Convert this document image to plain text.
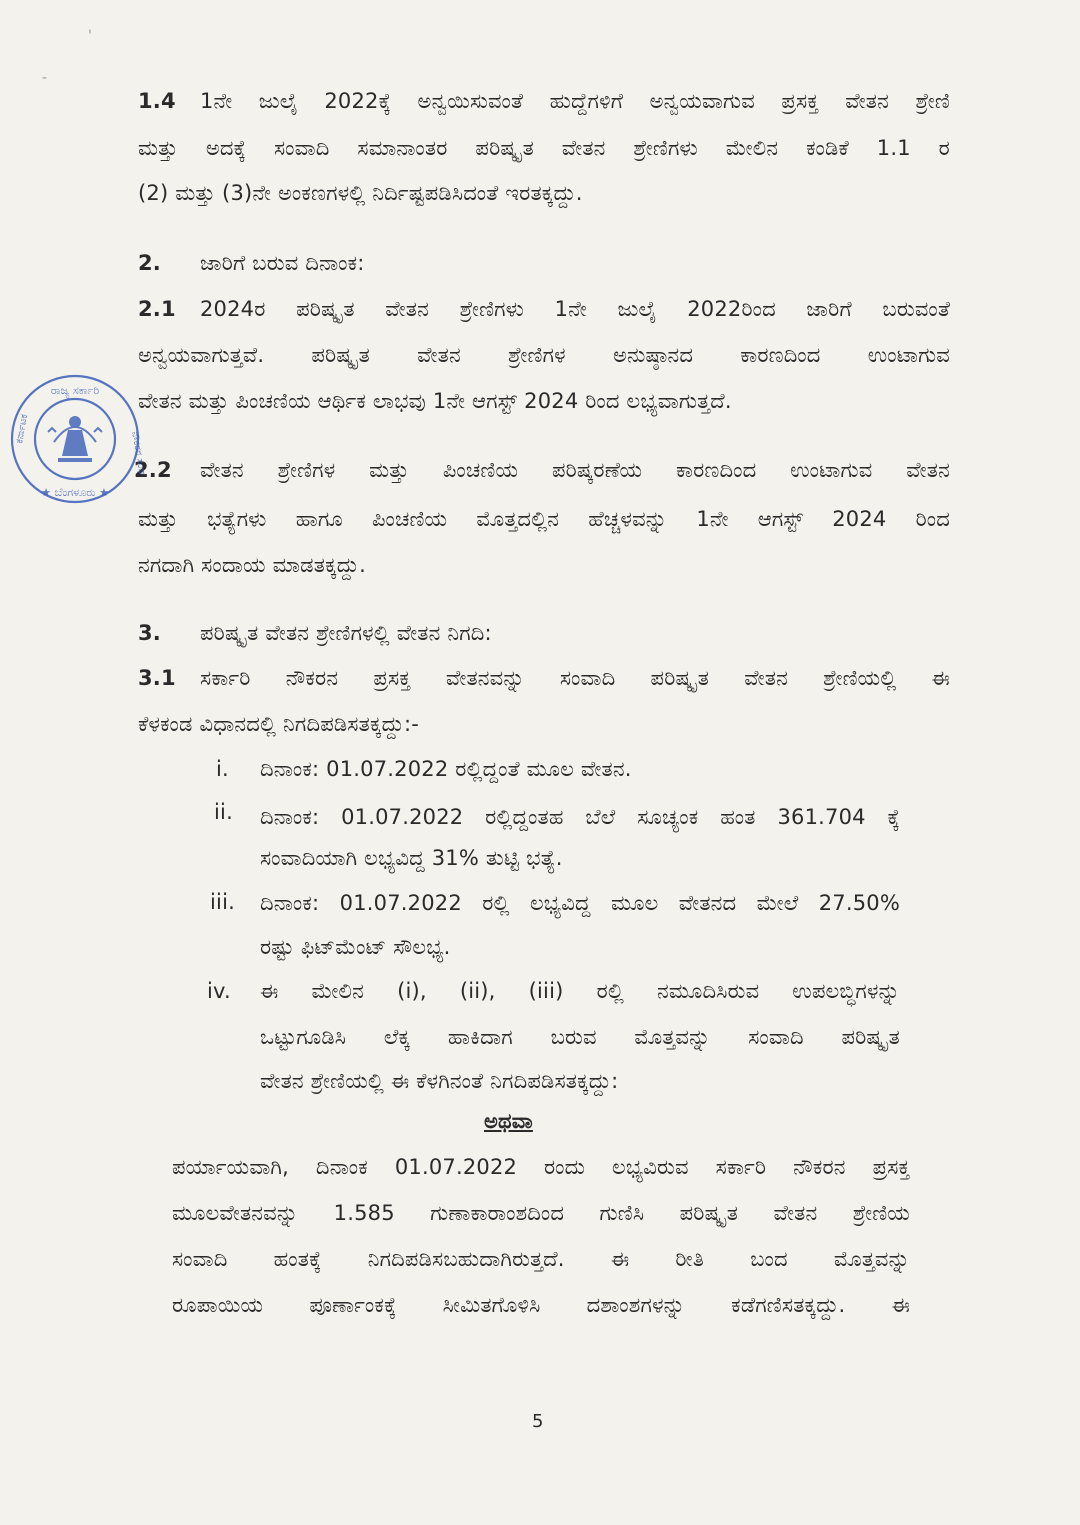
'
-
1.4 1ನೇ ಜುಲೈ 2022ಕ್ಕೆ ಅನ್ವಯಿಸುವಂತೆ ಹುದ್ದೆಗಳಿಗೆ ಅನ್ವಯವಾಗುವ ಪ್ರಸಕ್ತ ವೇತನ ಶ್ರೇಣಿ
ಮತ್ತು ಅದಕ್ಕೆ ಸಂವಾದಿ ಸಮಾನಾಂತರ ಪರಿಷ್ಕೃತ ವೇತನ ಶ್ರೇಣಿಗಳು ಮೇಲಿನ ಕಂಡಿಕೆ 1.1 ರ
(2) ಮತ್ತು (3)ನೇ ಅಂಕಣಗಳಲ್ಲಿ ನಿರ್ದಿಷ್ಟಪಡಿಸಿದಂತೆ ಇರತಕ್ಕದ್ದು.
2. ಜಾರಿಗೆ ಬರುವ ದಿನಾಂಕ:
2.1 2024ರ ಪರಿಷ್ಕೃತ ವೇತನ ಶ್ರೇಣಿಗಳು 1ನೇ ಜುಲೈ 2022ರಿಂದ ಜಾರಿಗೆ ಬರುವಂತೆ
ಅನ್ವಯವಾಗುತ್ತವೆ. ಪರಿಷ್ಕೃತ ವೇತನ ಶ್ರೇಣಿಗಳ ಅನುಷ್ಠಾನದ ಕಾರಣದಿಂದ ಉಂಟಾಗುವ
ವೇತನ ಮತ್ತು ಪಿಂಚಣಿಯ ಆರ್ಥಿಕ ಲಾಭವು 1ನೇ ಆಗಸ್ಟ್ 2024 ರಿಂದ ಲಭ್ಯವಾಗುತ್ತದೆ.
2.2 ವೇತನ ಶ್ರೇಣಿಗಳ ಮತ್ತು ಪಿಂಚಣಿಯ ಪರಿಷ್ಕರಣೆಯ ಕಾರಣದಿಂದ ಉಂಟಾಗುವ ವೇತನ
ಮತ್ತು ಭತ್ಯೆಗಳು ಹಾಗೂ ಪಿಂಚಣಿಯ ಮೊತ್ತದಲ್ಲಿನ ಹೆಚ್ಚಳವನ್ನು 1ನೇ ಆಗಸ್ಟ್ 2024 ರಿಂದ
ನಗದಾಗಿ ಸಂದಾಯ ಮಾಡತಕ್ಕದ್ದು.
3. ಪರಿಷ್ಕೃತ ವೇತನ ಶ್ರೇಣಿಗಳಲ್ಲಿ ವೇತನ ನಿಗದಿ:
3.1 ಸರ್ಕಾರಿ ನೌಕರನ ಪ್ರಸಕ್ತ ವೇತನವನ್ನು ಸಂವಾದಿ ಪರಿಷ್ಕೃತ ವೇತನ ಶ್ರೇಣಿಯಲ್ಲಿ ಈ
ಕೆಳಕಂಡ ವಿಧಾನದಲ್ಲಿ ನಿಗದಿಪಡಿಸತಕ್ಕದ್ದು:-
i. ದಿನಾಂಕ: 01.07.2022 ರಲ್ಲಿದ್ದಂತೆ ಮೂಲ ವೇತನ.
ii. ದಿನಾಂಕ: 01.07.2022 ರಲ್ಲಿದ್ದಂತಹ ಬೆಲೆ ಸೂಚ್ಯಂಕ ಹಂತ 361.704 ಕ್ಕೆ
ಸಂವಾದಿಯಾಗಿ ಲಭ್ಯವಿದ್ದ 31% ತುಟ್ಟಿ ಭತ್ಯೆ.
iii. ದಿನಾಂಕ: 01.07.2022 ರಲ್ಲಿ ಲಭ್ಯವಿದ್ದ ಮೂಲ ವೇತನದ ಮೇಲೆ 27.50%
ರಷ್ಟು ಫಿಟ್‌ಮೆಂಟ್ ಸೌಲಭ್ಯ.
iv. ಈ ಮೇಲಿನ (i), (ii), (iii) ರಲ್ಲಿ ನಮೂದಿಸಿರುವ ಉಪಲಬ್ಧಿಗಳನ್ನು
ಒಟ್ಟುಗೂಡಿಸಿ ಲೆಕ್ಕ ಹಾಕಿದಾಗ ಬರುವ ಮೊತ್ತವನ್ನು ಸಂವಾದಿ ಪರಿಷ್ಕೃತ
ವೇತನ ಶ್ರೇಣಿಯಲ್ಲಿ ಈ ಕೆಳಗಿನಂತೆ ನಿಗದಿಪಡಿಸತಕ್ಕದ್ದು:
ಅಥವಾ
ಪರ್ಯಾಯವಾಗಿ, ದಿನಾಂಕ 01.07.2022 ರಂದು ಲಭ್ಯವಿರುವ ಸರ್ಕಾರಿ ನೌಕರನ ಪ್ರಸಕ್ತ
ಮೂಲವೇತನವನ್ನು 1.585 ಗುಣಾಕಾರಾಂಶದಿಂದ ಗುಣಿಸಿ ಪರಿಷ್ಕೃತ ವೇತನ ಶ್ರೇಣಿಯ
ಸಂವಾದಿ ಹಂತಕ್ಕೆ ನಿಗದಿಪಡಿಸಬಹುದಾಗಿರುತ್ತದೆ. ಈ ರೀತಿ ಬಂದ ಮೊತ್ತವನ್ನು
ರೂಪಾಯಿಯ ಪೂರ್ಣಾಂಕಕ್ಕೆ ಸೀಮಿತಗೊಳಿಸಿ ದಶಾಂಶಗಳನ್ನು ಕಡೆಗಣಿಸತಕ್ಕದ್ದು. ಈ
5
ರಾಜ್ಯ ಸರ್ಕಾರಿ
★ ಬೆಂಗಳೂರು ★
ಕರ್ನಾಟಕ
ನೌಕರರ ಸಂಘ
